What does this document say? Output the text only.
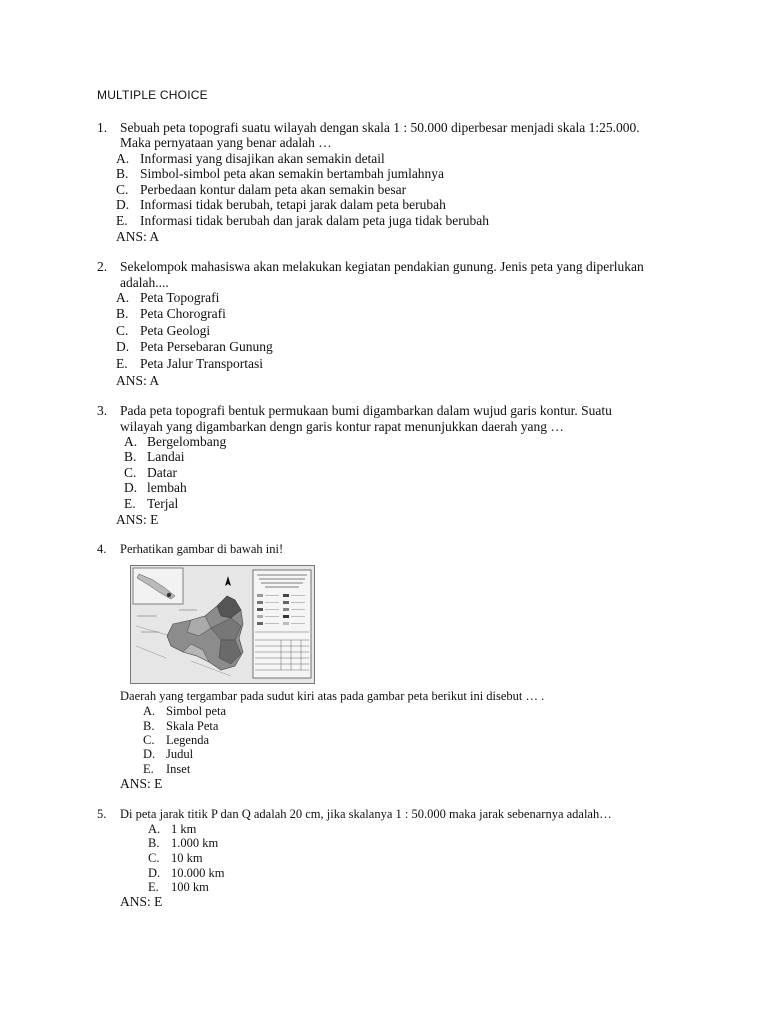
MULTIPLE CHOICE
1. Sebuah peta topografi suatu wilayah dengan skala 1 : 50.000 diperbesar menjadi skala 1:25.000.
Maka pernyataan yang benar adalah …
A. Informasi yang disajikan akan semakin detail
B. Simbol-simbol peta akan semakin bertambah jumlahnya
C. Perbedaan kontur dalam peta akan semakin besar
D. Informasi tidak berubah, tetapi jarak dalam peta berubah
E. Informasi tidak berubah dan jarak dalam peta juga tidak berubah
ANS: A
2. Sekelompok mahasiswa akan melakukan kegiatan pendakian gunung. Jenis peta yang diperlukan
adalah....
A. Peta Topografi
B. Peta Chorografi
C. Peta Geologi
D. Peta Persebaran Gunung
E. Peta Jalur Transportasi
ANS: A
3. Pada peta topografi bentuk permukaan bumi digambarkan dalam wujud garis kontur. Suatu
wilayah yang digambarkan dengn garis kontur rapat menunjukkan daerah yang …
A. Bergelombang
B. Landai
C. Datar
D. lembah
E. Terjal
ANS: E
4. Perhatikan gambar di bawah ini!
Daerah yang tergambar pada sudut kiri atas pada gambar peta berikut ini disebut … .
A. Simbol peta
B. Skala Peta
C. Legenda
D. Judul
E. Inset
ANS: E
5. Di peta jarak titik P dan Q adalah 20 cm, jika skalanya 1 : 50.000 maka jarak sebenarnya adalah…
A. 1 km
B. 1.000 km
C. 10 km
D. 10.000 km
E. 100 km
ANS: E
